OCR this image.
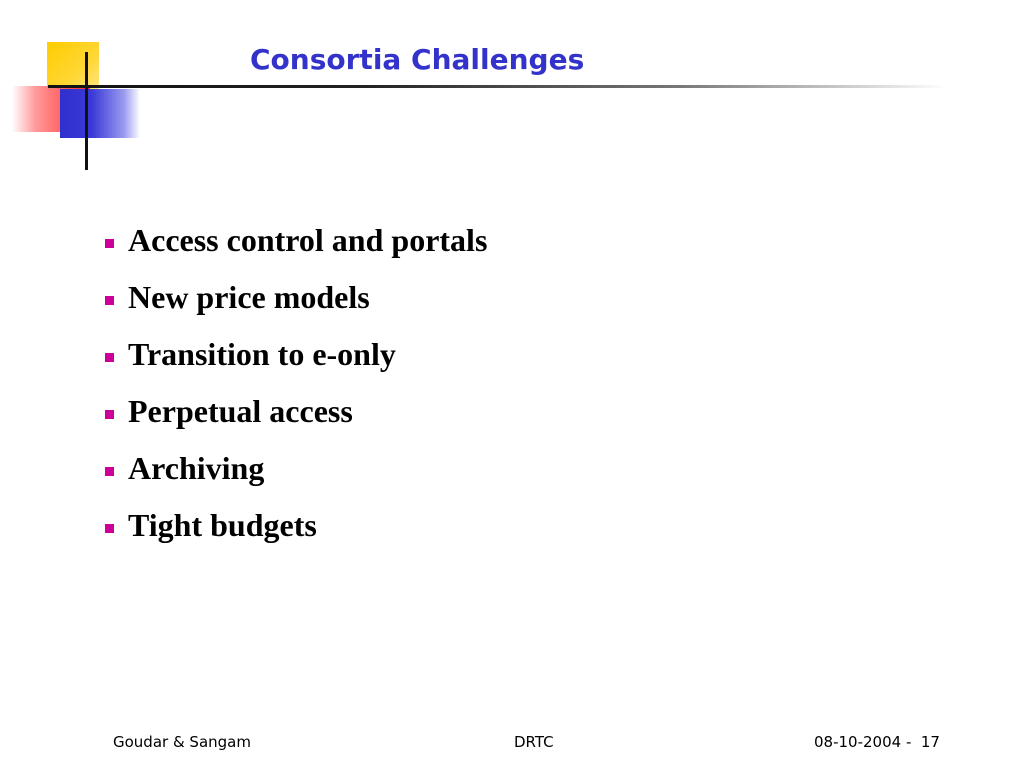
Consortia Challenges
Access control and portals
New price models
Transition to e-only
Perpetual access
Archiving
Tight budgets
Goudar & Sangam	DRTC	08-10-2004 -  17
